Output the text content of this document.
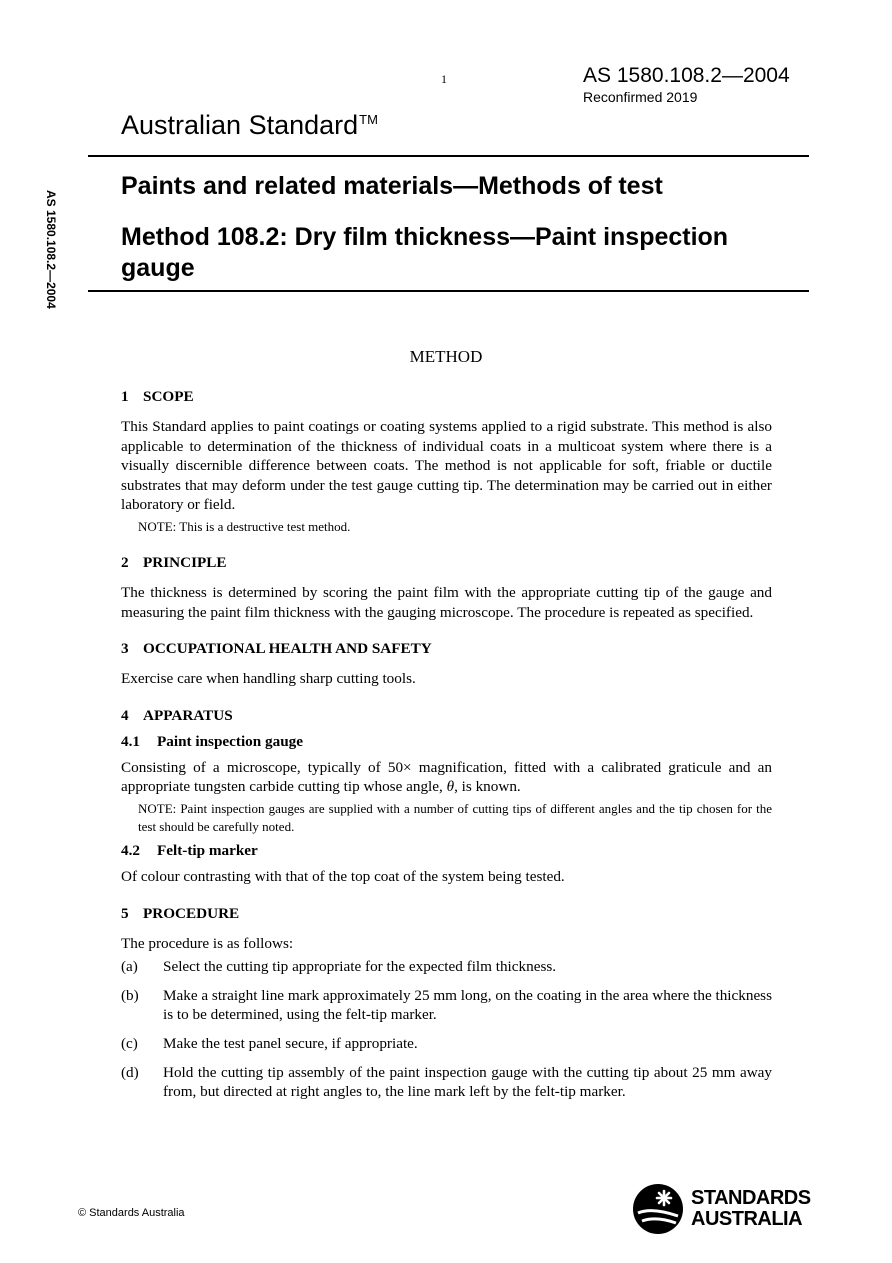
1	AS 1580.108.2—2004
Reconfirmed 2019
Australian Standard™
Paints and related materials—Methods of test
Method 108.2: Dry film thickness—Paint inspection gauge
AS 1580.108.2—2004
METHOD
1 SCOPE

This Standard applies to paint coatings or coating systems applied to a rigid substrate. This method is also applicable to determination of the thickness of individual coats in a multicoat system where there is a visually discernible difference between coats. The method is not applicable for soft, friable or ductile substrates that may deform under the test gauge cutting tip. The determination may be carried out in either laboratory or field.

NOTE: This is a destructive test method.
2 PRINCIPLE

The thickness is determined by scoring the paint film with the appropriate cutting tip of the gauge and measuring the paint film thickness with the gauging microscope. The procedure is repeated as specified.

3 OCCUPATIONAL HEALTH AND SAFETY

Exercise care when handling sharp cutting tools.

4 APPARATUS
4.1 Paint inspection gauge

Consisting of a microscope, typically of 50× magnification, fitted with a calibrated graticule and an appropriate tungsten carbide cutting tip whose angle, θ, is known.

NOTE: Paint inspection gauges are supplied with a number of cutting tips of different angles and the tip chosen for the test should be carefully noted.
4.2 Felt-tip marker

Of colour contrasting with that of the top coat of the system being tested.

5 PROCEDURE

The procedure is as follows:

(a)	Select the cutting tip appropriate for the expected film thickness.
(b)	Make a straight line mark approximately 25 mm long, on the coating in the area where the thickness is to be determined, using the felt-tip marker.
(c)	Make the test panel secure, if appropriate.
(d)	Hold the cutting tip assembly of the paint inspection gauge with the cutting tip about 25 mm away from, but directed at right angles to, the line mark left by the felt-tip marker.
© Standards Australia
STANDARDS
AUSTRALIA
